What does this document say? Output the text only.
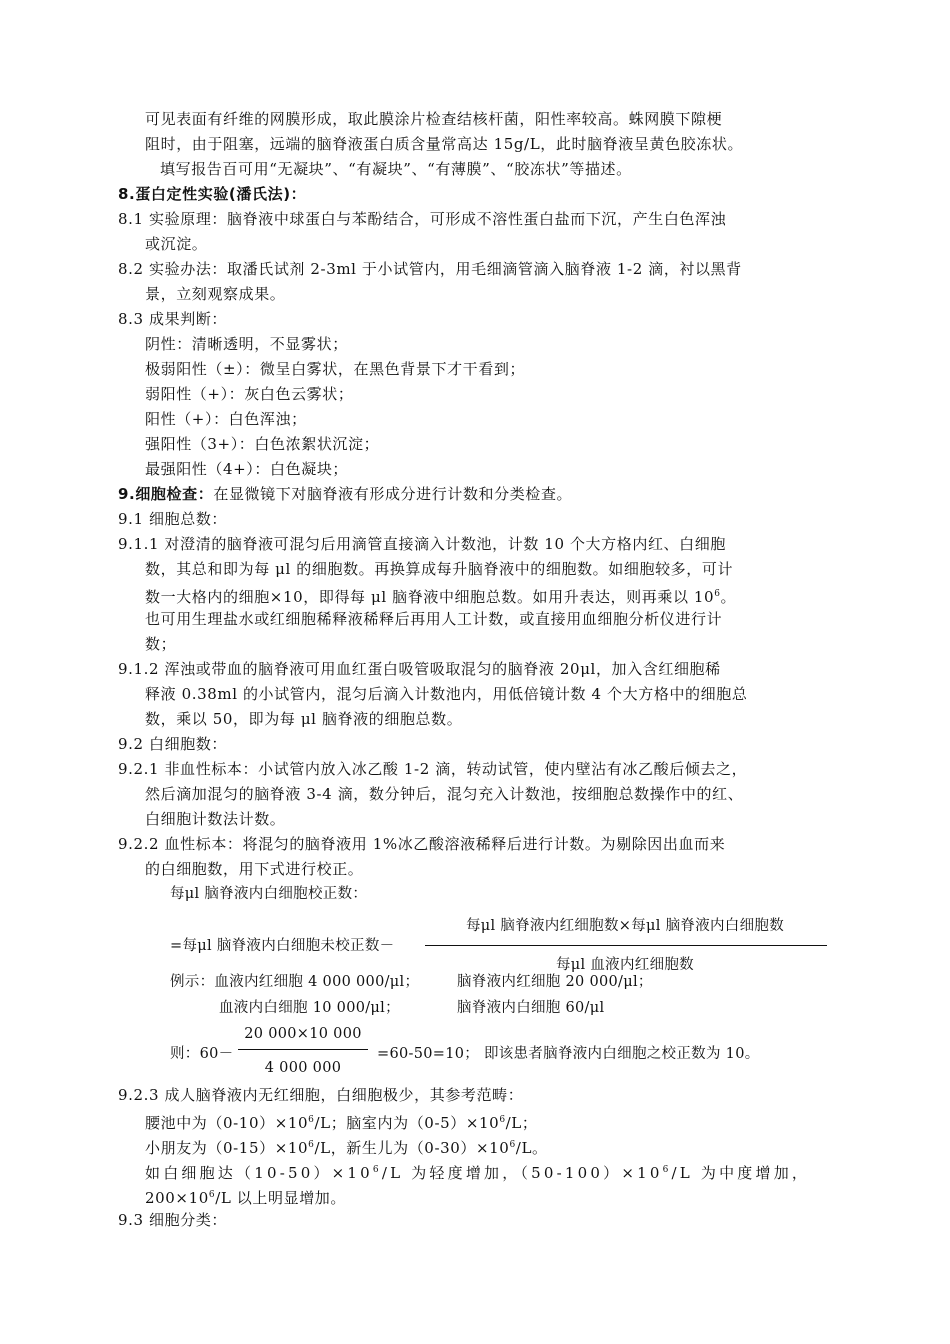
可见表面有纤维的网膜形成，取此膜涂片检查结核杆菌，阳性率较高。蛛网膜下隙梗
阻时，由于阻塞，远端的脑脊液蛋白质含量常高达 15g/L，此时脑脊液呈黄色胶冻状。
填写报告百可用“无凝块”、“有凝块”、“有薄膜”、“胶冻状”等描述。
8.蛋白定性实验(潘氏法)：
8.1 实验原理：脑脊液中球蛋白与苯酚结合，可形成不溶性蛋白盐而下沉，产生白色浑浊
或沉淀。
8.2 实验办法：取潘氏试剂 2-3ml 于小试管内，用毛细滴管滴入脑脊液 1-2 滴，衬以黑背
景，立刻观察成果。
8.3 成果判断：
阴性：清晰透明，不显雾状；
极弱阳性（±）：微呈白雾状，在黑色背景下才干看到；
弱阳性（+）：灰白色云雾状；
阳性（+）：白色浑浊；
强阳性（3+）：白色浓絮状沉淀；
最强阳性（4+）：白色凝块；
9.细胞检查：在显微镜下对脑脊液有形成分进行计数和分类检查。
9.1 细胞总数：
9.1.1 对澄清的脑脊液可混匀后用滴管直接滴入计数池，计数 10 个大方格内红、白细胞
数，其总和即为每 μl 的细胞数。再换算成每升脑脊液中的细胞数。如细胞较多，可计
数一大格内的细胞×10，即得每 μl 脑脊液中细胞总数。如用升表达，则再乘以 $10^6$。
也可用生理盐水或红细胞稀释液稀释后再用人工计数，或直接用血细胞分析仪进行计
数；
9.1.2 浑浊或带血的脑脊液可用血红蛋白吸管吸取混匀的脑脊液 20μl，加入含红细胞稀
释液 0.38ml 的小试管内，混匀后滴入计数池内，用低倍镜计数 4 个大方格中的细胞总
数，乘以 50，即为每 μl 脑脊液的细胞总数。
9.2 白细胞数：
9.2.1 非血性标本：小试管内放入冰乙酸 1-2 滴，转动试管，使内壁沾有冰乙酸后倾去之，
然后滴加混匀的脑脊液 3-4 滴，数分钟后，混匀充入计数池，按细胞总数操作中的红、
白细胞计数法计数。
9.2.2 血性标本：将混匀的脑脊液用 1%冰乙酸溶液稀释后进行计数。为剔除因出血而来
的白细胞数，用下式进行校正。
每μl 脑脊液内白细胞校正数：
每μl 脑脊液内红细胞数×每μl 脑脊液内白细胞数
=每μl 脑脊液内白细胞未校正数－
每μl 血液内红细胞数
例示：血液内红细胞 4 000 000/μl；	脑脊液内红细胞 20 000/μl；
血液内白细胞 10 000/μl；	脑脊液内白细胞 60/μl
20 000×10 000
则：60－	=60-50=10； 即该患者脑脊液内白细胞之校正数为 10。
4 000 000
9.2.3 成人脑脊液内无红细胞，白细胞极少，其参考范畴：
腰池中为$(0-10)\times 10^6/L$；脑室内为$(0-5)\times 10^6/L$；
小朋友为$(0-15)\times 10^6/L$，新生儿为$(0-30)\times 10^6/L$。
如白细胞达$(10-50)\times 10^6/L$ 为轻度增加，$(50-100)\times 10^6/L$ 为中度增加，
$200\times 10^6/L$ 以上明显增加。
9.3 细胞分类：
